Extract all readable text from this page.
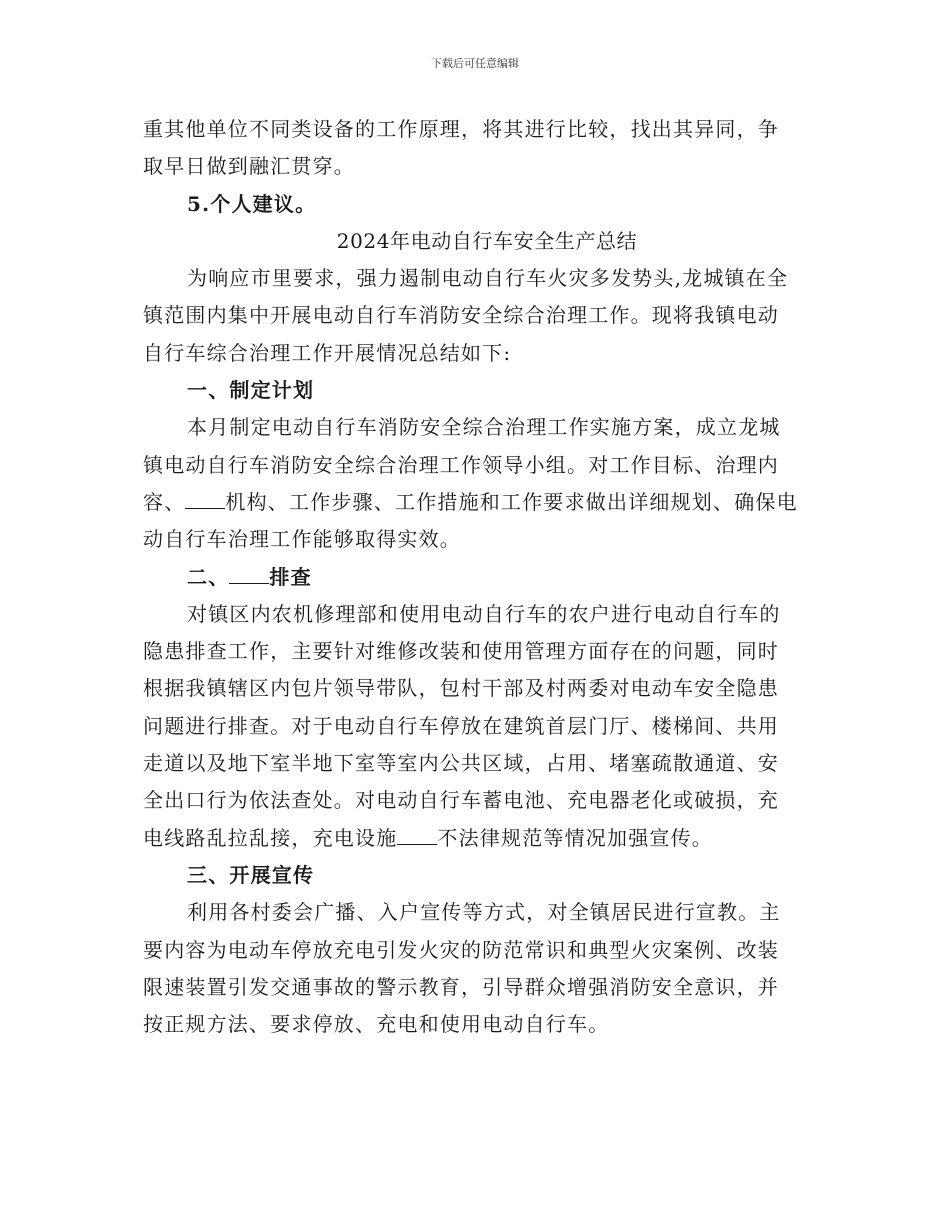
下载后可任意编辑

重其他单位不同类设备的工作原理，将其进行比较，找出其异同，争

取早日做到融汇贯穿。

5.个人建议。

2024年电动自行车安全生产总结

为响应市里要求，强力遏制电动自行车火灾多发势头,龙城镇在全

镇范围内集中开展电动自行车消防安全综合治理工作。现将我镇电动

自行车综合治理工作开展情况总结如下:

一、制定计划

本月制定电动自行车消防安全综合治理工作实施方案，成立龙城

镇电动自行车消防安全综合治理工作领导小组。对工作目标、治理内

容、 机构、工作步骤、工作措施和工作要求做出详细规划、确保电

动自行车治理工作能够取得实效。

二、 排查

对镇区内农机修理部和使用电动自行车的农户进行电动自行车的

隐患排查工作，主要针对维修改装和使用管理方面存在的问题，同时

根据我镇辖区内包片领导带队，包村干部及村两委对电动车安全隐患

问题进行排查。对于电动自行车停放在建筑首层门厅、楼梯间、共用

走道以及地下室半地下室等室内公共区域，占用、堵塞疏散通道、安

全出口行为依法查处。对电动自行车蓄电池、充电器老化或破损，充

电线路乱拉乱接，充电设施 不法律规范等情况加强宣传。

三、开展宣传

利用各村委会广播、入户宣传等方式，对全镇居民进行宣教。主

要内容为电动车停放充电引发火灾的防范常识和典型火灾案例、改装

限速装置引发交通事故的警示教育，引导群众增强消防安全意识，并

按正规方法、要求停放、充电和使用电动自行车。
